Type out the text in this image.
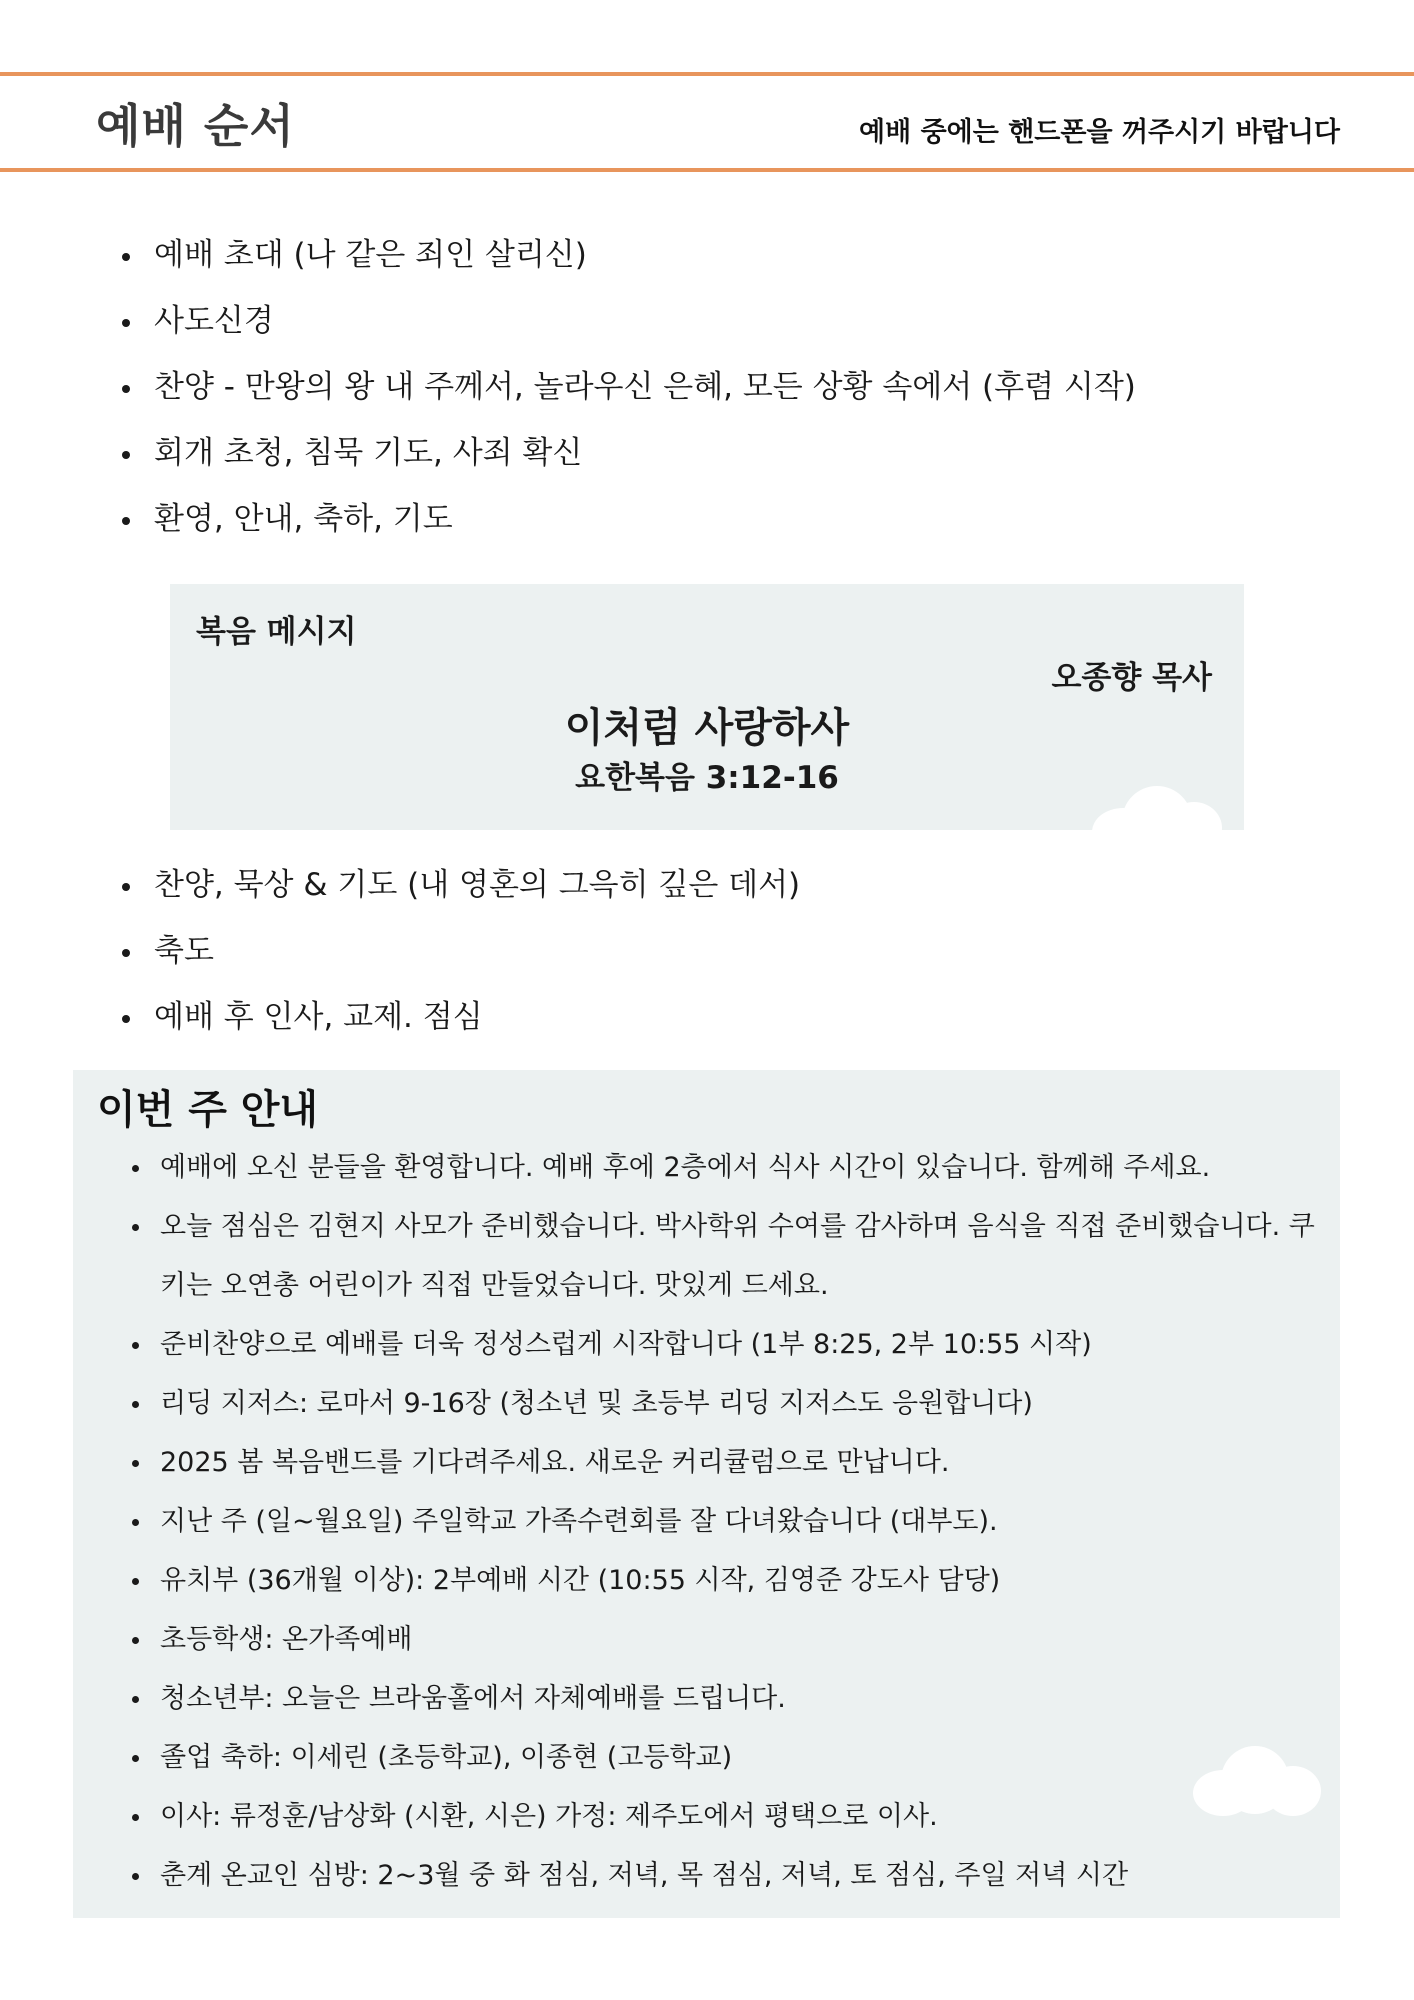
예배 순서	예배 중에는 핸드폰을 꺼주시기 바랍니다
예배 초대 (나 같은 죄인 살리신)
사도신경
찬양 - 만왕의 왕 내 주께서, 놀라우신 은혜, 모든 상황 속에서 (후렴 시작)
회개 초청, 침묵 기도, 사죄 확신
환영, 안내, 축하, 기도
복음 메시지
오종향 목사
이처럼 사랑하사
요한복음 3:12-16
찬양, 묵상 & 기도 (내 영혼의 그윽히 깊은 데서)
축도
예배 후 인사, 교제. 점심
이번 주 안내
예배에 오신 분들을 환영합니다. 예배 후에 2층에서 식사 시간이 있습니다. 함께해 주세요.
오늘 점심은 김현지 사모가 준비했습니다. 박사학위 수여를 감사하며 음식을 직접 준비했습니다. 쿠키는 오연총 어린이가 직접 만들었습니다. 맛있게 드세요.
준비찬양으로 예배를 더욱 정성스럽게 시작합니다 (1부 8:25, 2부 10:55 시작)
리딩 지저스: 로마서 9-16장 (청소년 및 초등부 리딩 지저스도 응원합니다)
2025 봄 복음밴드를 기다려주세요. 새로운 커리큘럼으로 만납니다.
지난 주 (일~월요일) 주일학교 가족수련회를 잘 다녀왔습니다 (대부도).
유치부 (36개월 이상): 2부예배 시간 (10:55 시작, 김영준 강도사 담당)
초등학생: 온가족예배
청소년부: 오늘은 브라움홀에서 자체예배를 드립니다.
졸업 축하: 이세린 (초등학교), 이종현 (고등학교)
이사: 류정훈/남상화 (시환, 시은) 가정: 제주도에서 평택으로 이사.
춘계 온교인 심방: 2~3월 중 화 점심, 저녁, 목 점심, 저녁, 토 점심, 주일 저녁 시간
